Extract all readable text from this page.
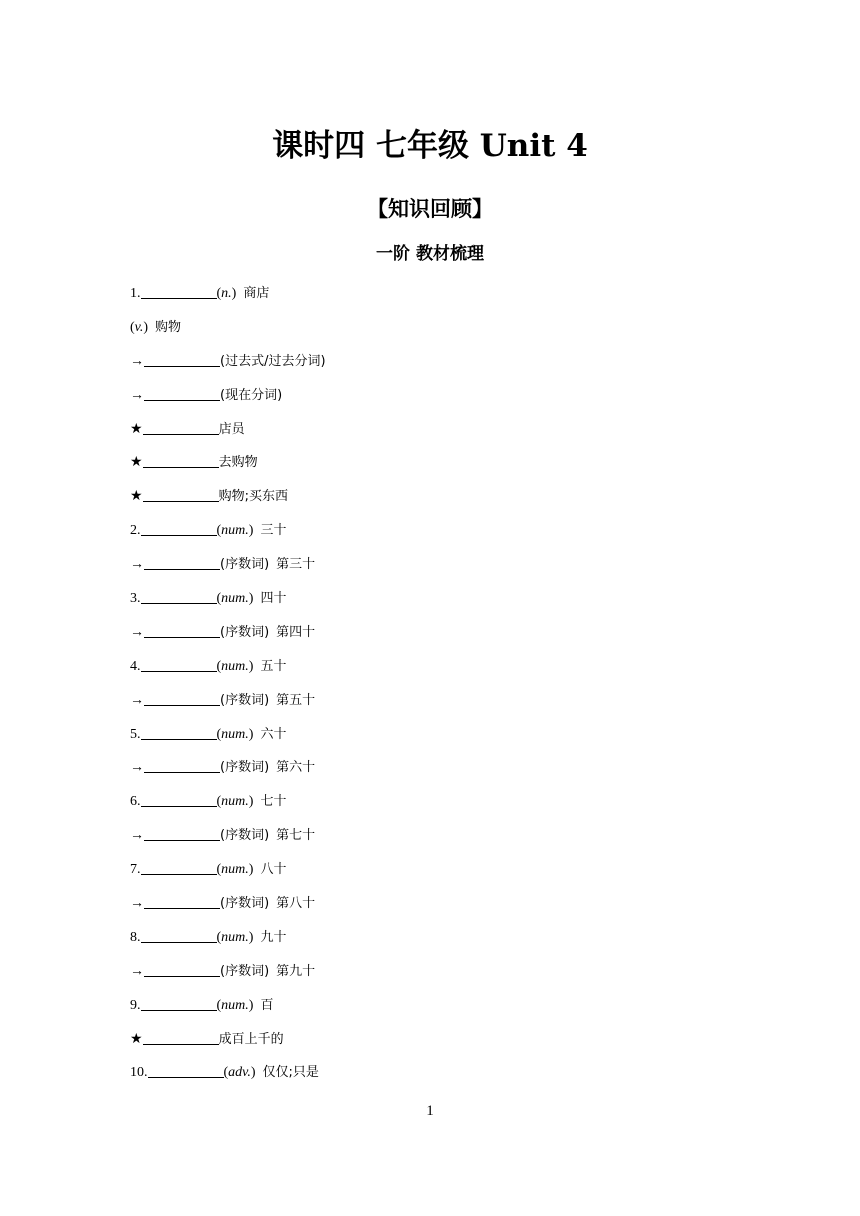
课时四 七年级 Unit 4
【知识回顾】
一阶 教材梳理
1.	(n.)  商店
(v.)  购物
→	(过去式/过去分词)
→	(现在分词)
★	店员
★	去购物
★	购物;买东西
2.	(num.)  三十
→	(序数词) 第三十
3.	(num.)  四十
→	(序数词) 第四十
4.	(num.)  五十
→	(序数词) 第五十
5.	(num.)  六十
→	(序数词) 第六十
6.	(num.)  七十
→	(序数词) 第七十
7.	(num.)  八十
→	(序数词) 第八十
8.	(num.)  九十
→	(序数词) 第九十
9.	(num.)  百
★	成百上千的
10.	(adv.)  仅仅;只是
1
